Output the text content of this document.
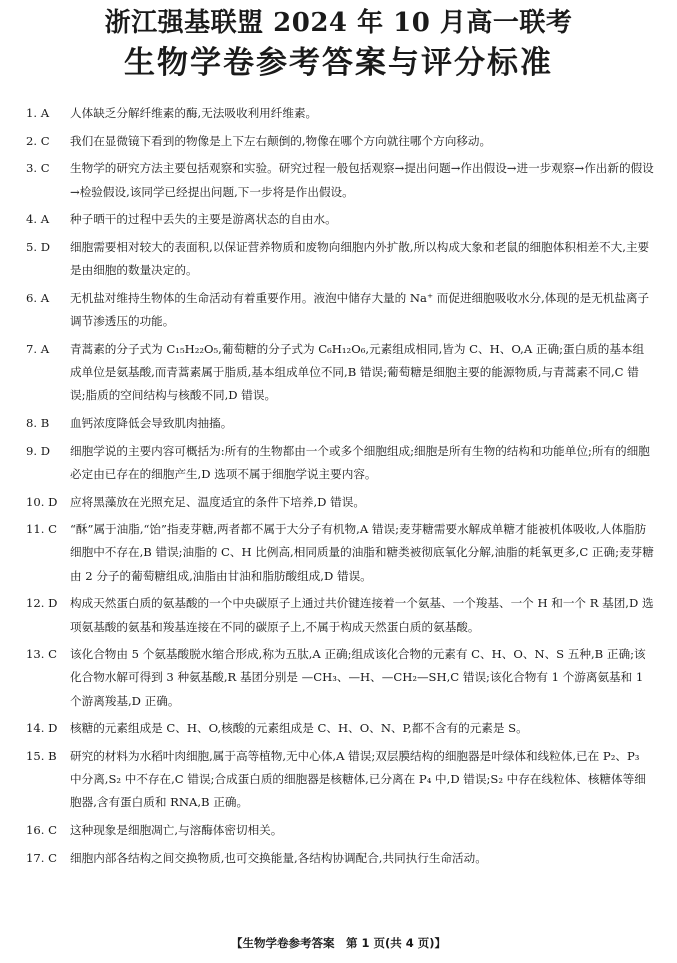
浙江强基联盟 2024 年 10 月高一联考
生物学卷参考答案与评分标准
1. A 人体缺乏分解纤维素的酶,无法吸收利用纤维素。
2. C 我们在显微镜下看到的物像是上下左右颠倒的,物像在哪个方向就往哪个方向移动。
3. C 生物学的研究方法主要包括观察和实验。研究过程一般包括观察→提出问题→作出假设→进一步观察→作出新的假设→检验假设,该同学已经提出问题,下一步将是作出假设。
4. A 种子晒干的过程中丢失的主要是游离状态的自由水。
5. D 细胞需要相对较大的表面积,以保证营养物质和废物向细胞内外扩散,所以构成大象和老鼠的细胞体积相差不大,主要是由细胞的数量决定的。
6. A 无机盐对维持生物体的生命活动有着重要作用。液泡中储存大量的 Na⁺ 而促进细胞吸收水分,体现的是无机盐离子调节渗透压的功能。
7. A 青蒿素的分子式为 C₁₅H₂₂O₅,葡萄糖的分子式为 C₆H₁₂O₆,元素组成相同,皆为 C、H、O,A 正确;蛋白质的基本组成单位是氨基酸,而青蒿素属于脂质,基本组成单位不同,B 错误;葡萄糖是细胞主要的能源物质,与青蒿素不同,C 错误;脂质的空间结构与核酸不同,D 错误。
8. B 血钙浓度降低会导致肌肉抽搐。
9. D 细胞学说的主要内容可概括为:所有的生物都由一个或多个细胞组成;细胞是所有生物的结构和功能单位;所有的细胞必定由已存在的细胞产生,D 选项不属于细胞学说主要内容。
10. D 应将黑藻放在光照充足、温度适宜的条件下培养,D 错误。
11. C “酥”属于油脂,“饴”指麦芽糖,两者都不属于大分子有机物,A 错误;麦芽糖需要水解成单糖才能被机体吸收,人体脂肪细胞中不存在,B 错误;油脂的 C、H 比例高,相同质量的油脂和糖类被彻底氧化分解,油脂的耗氧更多,C 正确;麦芽糖由 2 分子的葡萄糖组成,油脂由甘油和脂肪酸组成,D 错误。
12. D 构成天然蛋白质的氨基酸的一个中央碳原子上通过共价键连接着一个氨基、一个羧基、一个 H 和一个 R 基团,D 选项氨基酸的氨基和羧基连接在不同的碳原子上,不属于构成天然蛋白质的氨基酸。
13. C 该化合物由 5 个氨基酸脱水缩合形成,称为五肽,A 正确;组成该化合物的元素有 C、H、O、N、S 五种,B 正确;该化合物水解可得到 3 种氨基酸,R 基团分别是 —CH₃、—H、—CH₂—SH,C 错误;该化合物有 1 个游离氨基和 1 个游离羧基,D 正确。
14. D 核糖的元素组成是 C、H、O,核酸的元素组成是 C、H、O、N、P,都不含有的元素是 S。
15. B 研究的材料为水稻叶肉细胞,属于高等植物,无中心体,A 错误;双层膜结构的细胞器是叶绿体和线粒体,已在 P₂、P₃ 中分离,S₂ 中不存在,C 错误;合成蛋白质的细胞器是核糖体,已分离在 P₄ 中,D 错误;S₂ 中存在线粒体、核糖体等细胞器,含有蛋白质和 RNA,B 正确。
16. C 这种现象是细胞凋亡,与溶酶体密切相关。
17. C 细胞内部各结构之间交换物质,也可交换能量,各结构协调配合,共同执行生命活动。
【生物学卷参考答案　第 1 页(共 4 页)】
